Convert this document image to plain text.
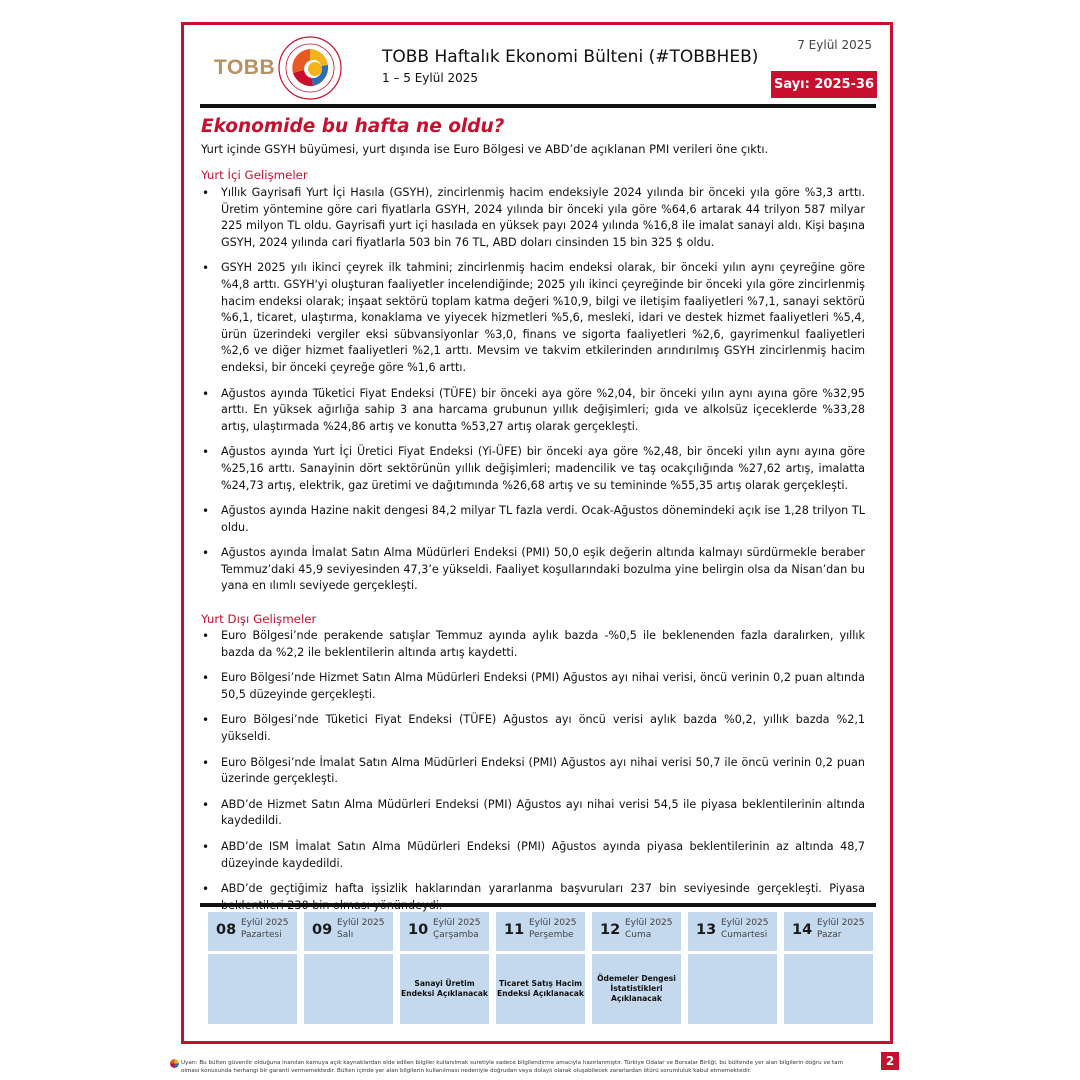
TOBB	TOBB Haftalık Ekonomi Bülteni (#TOBBHEB)
1 – 5 Eylül 2025
7 Eylül 2025
Sayı: 2025-36
Ekonomide bu hafta ne oldu?
Yurt içinde GSYH büyümesi, yurt dışında ise Euro Bölgesi ve ABD’de açıklanan PMI verileri öne çıktı.
Yurt İçi Gelişmeler
• Yıllık Gayrisafi Yurt İçi Hasıla (GSYH), zincirlenmiş hacim endeksiyle 2024 yılında bir önceki yıla göre %3,3 arttı. Üretim yöntemine göre cari fiyatlarla GSYH, 2024 yılında bir önceki yıla göre %64,6 artarak 44 trilyon 587 milyar 225 milyon TL oldu. Gayrisafi yurt içi hasılada en yüksek payı 2024 yılında %16,8 ile imalat sanayi aldı. Kişi başına GSYH, 2024 yılında cari fiyatlarla 503 bin 76 TL, ABD doları cinsinden 15 bin 325 $ oldu.
• GSYH 2025 yılı ikinci çeyrek ilk tahmini; zincirlenmiş hacim endeksi olarak, bir önceki yılın aynı çeyreğine göre %4,8 arttı. GSYH'yi oluşturan faaliyetler incelendiğinde; 2025 yılı ikinci çeyreğinde bir önceki yıla göre zincirlenmiş hacim endeksi olarak; inşaat sektörü toplam katma değeri %10,9, bilgi ve iletişim faaliyetleri %7,1, sanayi sektörü %6,1, ticaret, ulaştırma, konaklama ve yiyecek hizmetleri %5,6, mesleki, idari ve destek hizmet faaliyetleri %5,4, ürün üzerindeki vergiler eksi sübvansiyonlar %3,0, finans ve sigorta faaliyetleri %2,6, gayrimenkul faaliyetleri %2,6 ve diğer hizmet faaliyetleri %2,1 arttı. Mevsim ve takvim etkilerinden arındırılmış GSYH zincirlenmiş hacim endeksi, bir önceki çeyreğe göre %1,6 arttı.
• Ağustos ayında Tüketici Fiyat Endeksi (TÜFE) bir önceki aya göre %2,04, bir önceki yılın aynı ayına göre %32,95 arttı. En yüksek ağırlığa sahip 3 ana harcama grubunun yıllık değişimleri; gıda ve alkolsüz içeceklerde %33,28 artış, ulaştırmada %24,86 artış ve konutta %53,27 artış olarak gerçekleşti.
• Ağustos ayında Yurt İçi Üretici Fiyat Endeksi (Yi-ÜFE) bir önceki aya göre %2,48, bir önceki yılın aynı ayına göre %25,16 arttı. Sanayinin dört sektörünün yıllık değişimleri; madencilik ve taş ocakçılığında %27,62 artış, imalatta %24,73 artış, elektrik, gaz üretimi ve dağıtımında %26,68 artış ve su temininde %55,35 artış olarak gerçekleşti.
• Ağustos ayında Hazine nakit dengesi 84,2 milyar TL fazla verdi. Ocak-Ağustos dönemindeki açık ise 1,28 trilyon TL oldu.
• Ağustos ayında İmalat Satın Alma Müdürleri Endeksi (PMI) 50,0 eşik değerin altında kalmayı sürdürmekle beraber Temmuz’daki 45,9 seviyesinden 47,3’e yükseldi. Faaliyet koşullarındaki bozulma yine belirgin olsa da Nisan’dan bu yana en ılımlı seviyede gerçekleşti.
Yurt Dışı Gelişmeler
• Euro Bölgesi’nde perakende satışlar Temmuz ayında aylık bazda -%0,5 ile beklenenden fazla daralırken, yıllık bazda da %2,2 ile beklentilerin altında artış kaydetti.
• Euro Bölgesi’nde Hizmet Satın Alma Müdürleri Endeksi (PMI) Ağustos ayı nihai verisi, öncü verinin 0,2 puan altında 50,5 düzeyinde gerçekleşti.
• Euro Bölgesi’nde Tüketici Fiyat Endeksi (TÜFE) Ağustos ayı öncü verisi aylık bazda %0,2, yıllık bazda %2,1 yükseldi.
• Euro Bölgesi’nde İmalat Satın Alma Müdürleri Endeksi (PMI) Ağustos ayı nihai verisi 50,7 ile öncü verinin 0,2 puan üzerinde gerçekleşti.
• ABD’de Hizmet Satın Alma Müdürleri Endeksi (PMI) Ağustos ayı nihai verisi 54,5 ile piyasa beklentilerinin altında kaydedildi.
• ABD’de ISM İmalat Satın Alma Müdürleri Endeksi (PMI) Ağustos ayında piyasa beklentilerinin az altında 48,7 düzeyinde kaydedildi.
• ABD’de geçtiğimiz hafta işsizlik haklarından yararlanma başvuruları 237 bin seviyesinde gerçekleşti. Piyasa
08 Eylül 2025
Pazartesi 09 Eylül 2025
Salı	10 Eylül 2025
Çarşamba
Sanayi Üretim Endeksi Açıklanacak
11 Eylül 2025
Perşembe
Ticaret Satış Hacim Endeksi Açıklanacak
12 Eylül 2025
Cuma
Ödemeler Dengesi İstatistikleri Açıklanacak
13 Eylül 2025
Cumartesi 14 Eylül 2025
Pazar
Uyarı: Bu bülten güvenilir olduğuna inanılan kamuya açık kaynaklardan elde edilen bilgiler kullanılmak suretiyle sadece bilgilendirme amacıyla hazırlanmıştır. Türkiye Odalar ve Borsalar Birliği, bu bültende yer alan bilgilerin doğru ve tam olması konusunda herhangi bir garanti vermemektedir. Bülten içinde yer alan bilgilerin kullanılması nedeniyle doğrudan veya dolaylı olarak oluşabilecek zararlardan ötürü sorumluluk kabul etmemektedir.
2
